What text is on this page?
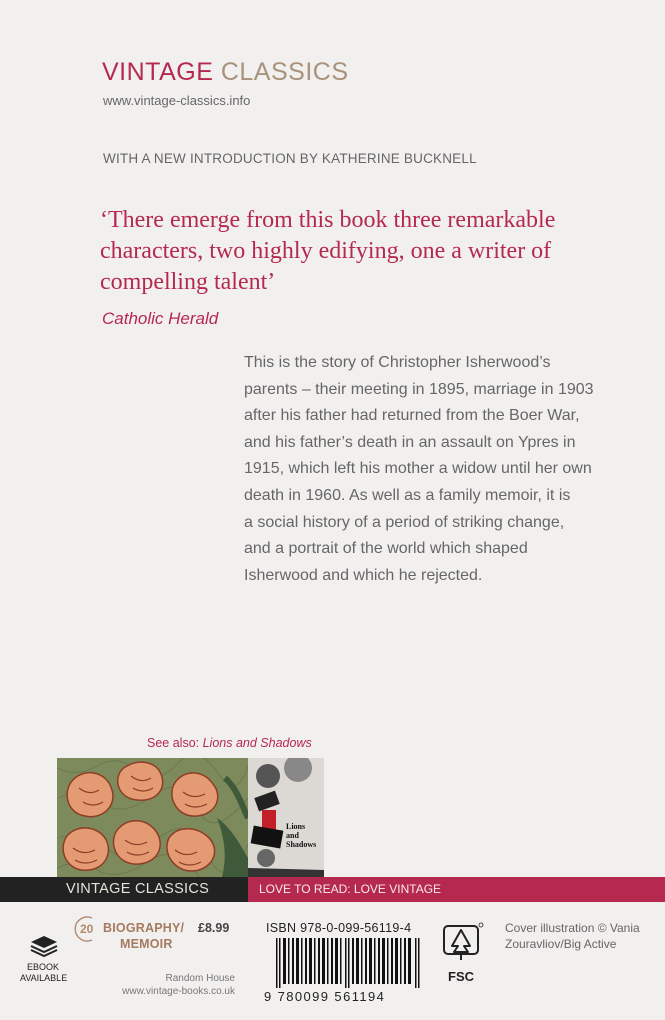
VINTAGE CLASSICS
www.vintage-classics.info
WITH A NEW INTRODUCTION BY KATHERINE BUCKNELL
‘There emerge from this book three remarkable
characters, two highly edifying, one a writer of
compelling talent’
Catholic Herald
This is the story of Christopher Isherwood’s
parents – their meeting in 1895, marriage in 1903
after his father had returned from the Boer War,
and his father’s death in an assault on Ypres in
1915, which left his mother a widow until her own
death in 1960. As well as a family memoir, it is
a social history of a period of striking change,
and a portrait of the world which shaped
Isherwood and which he rejected.
See also: Lions and Shadows
Lions
and
Shadows
VINTAGE CLASSICS	LOVE TO READ: LOVE VINTAGE
EBOOK
AVAILABLE
20 BIOGRAPHY/
MEMOIR
£8.99
Random House
www.vintage-books.co.uk
ISBN 978-0-099-56119-4
9 780099 561194
FSC
Cover illustration © Vania
Zouravliov/Big Active
